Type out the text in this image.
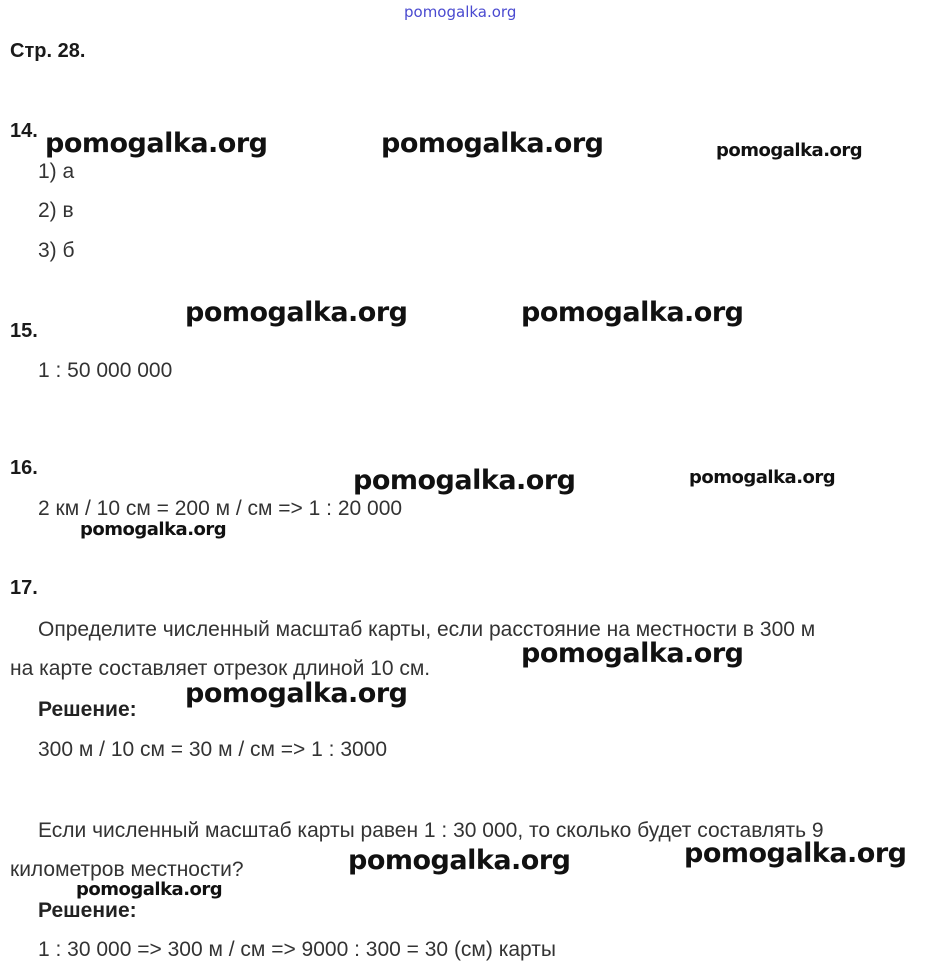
pomogalka.org
Стр. 28.
14.
1) а
2) в
3) б
15.
1 : 50 000 000
16.
2 км / 10 см = 200 м / см => 1 : 20 000
17.
Определите численный масштаб карты, если расстояние на местности в 300 м
на карте составляет отрезок длиной 10 см.
Решение:
300 м / 10 см = 30 м / см => 1 : 3000
Если численный масштаб карты равен 1 : 30 000, то сколько будет составлять 9
километров местности?
Решение:
1 : 30 000 => 300 м / см => 9000 : 300 = 30 (см) карты
pomogalka.org	pomogalka.org	pomogalka.org
pomogalka.org	pomogalka.org
pomogalka.org	pomogalka.org
pomogalka.org
pomogalka.org
pomogalka.org
pomogalka.org	pomogalka.org
pomogalka.org
